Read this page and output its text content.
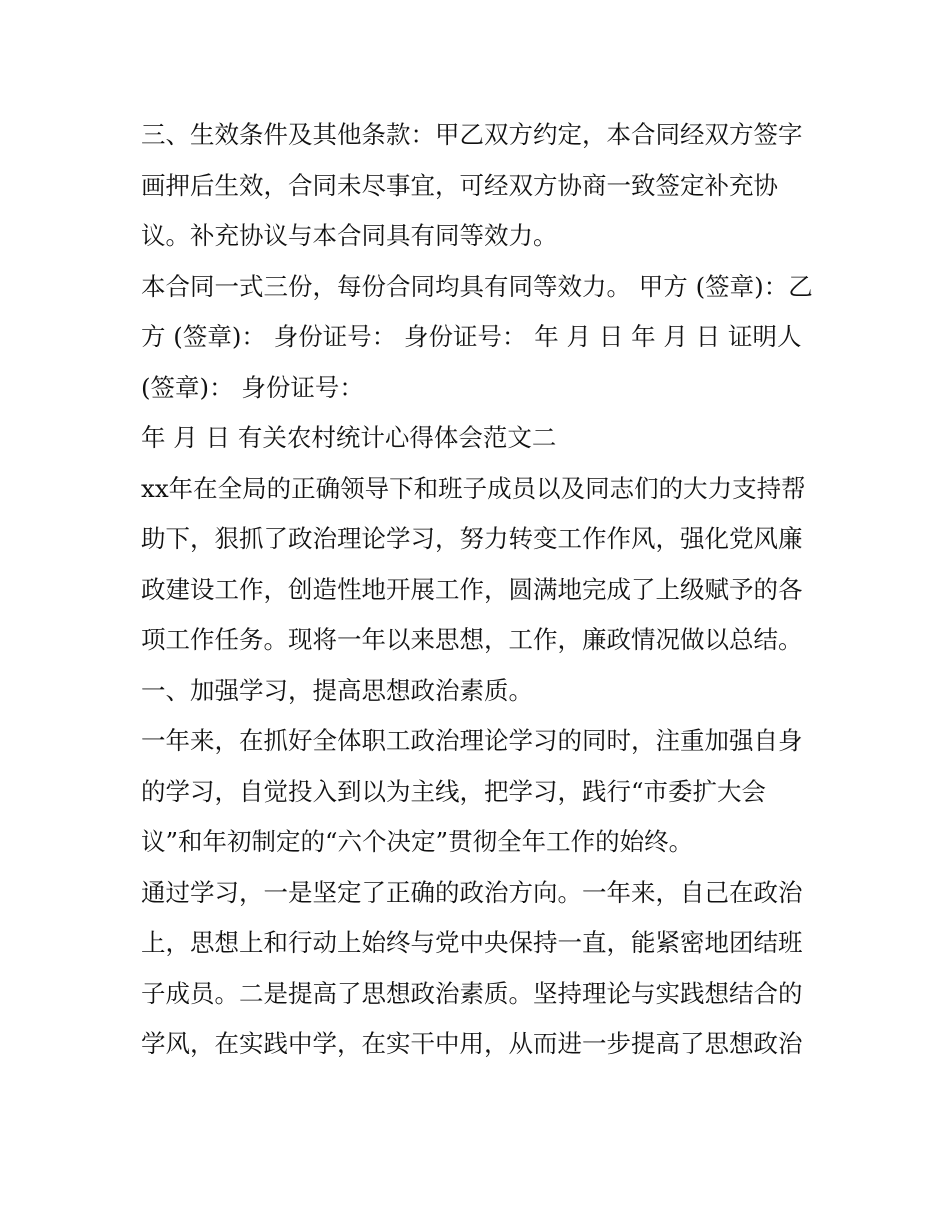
三、生效条件及其他条款：甲乙双方约定，本合同经双方签字画押后生效，合同未尽事宜，可经双方协商一致签定补充协议。补充协议与本合同具有同等效力。

本合同一式三份，每份合同均具有同等效力。 甲方 (签章)：乙方 (签章)： 身份证号： 身份证号： 年 月 日 年 月 日 证明人 (签章)： 身份证号：

年 月 日 有关农村统计心得体会范文二

xx年在全局的正确领导下和班子成员以及同志们的大力支持帮助下，狠抓了政治理论学习，努力转变工作作风，强化党风廉政建设工作，创造性地开展工作，圆满地完成了上级赋予的各项工作任务。现将一年以来思想，工作，廉政情况做以总结。

一、加强学习，提高思想政治素质。

一年来，在抓好全体职工政治理论学习的同时，注重加强自身的学习，自觉投入到以为主线，把学习，践行“市委扩大会议”和年初制定的“六个决定”贯彻全年工作的始终。

通过学习，一是坚定了正确的政治方向。一年来，自己在政治上，思想上和行动上始终与党中央保持一直，能紧密地团结班子成员。二是提高了思想政治素质。坚持理论与实践想结合的学风，在实践中学，在实干中用，从而进一步提高了思想政治
